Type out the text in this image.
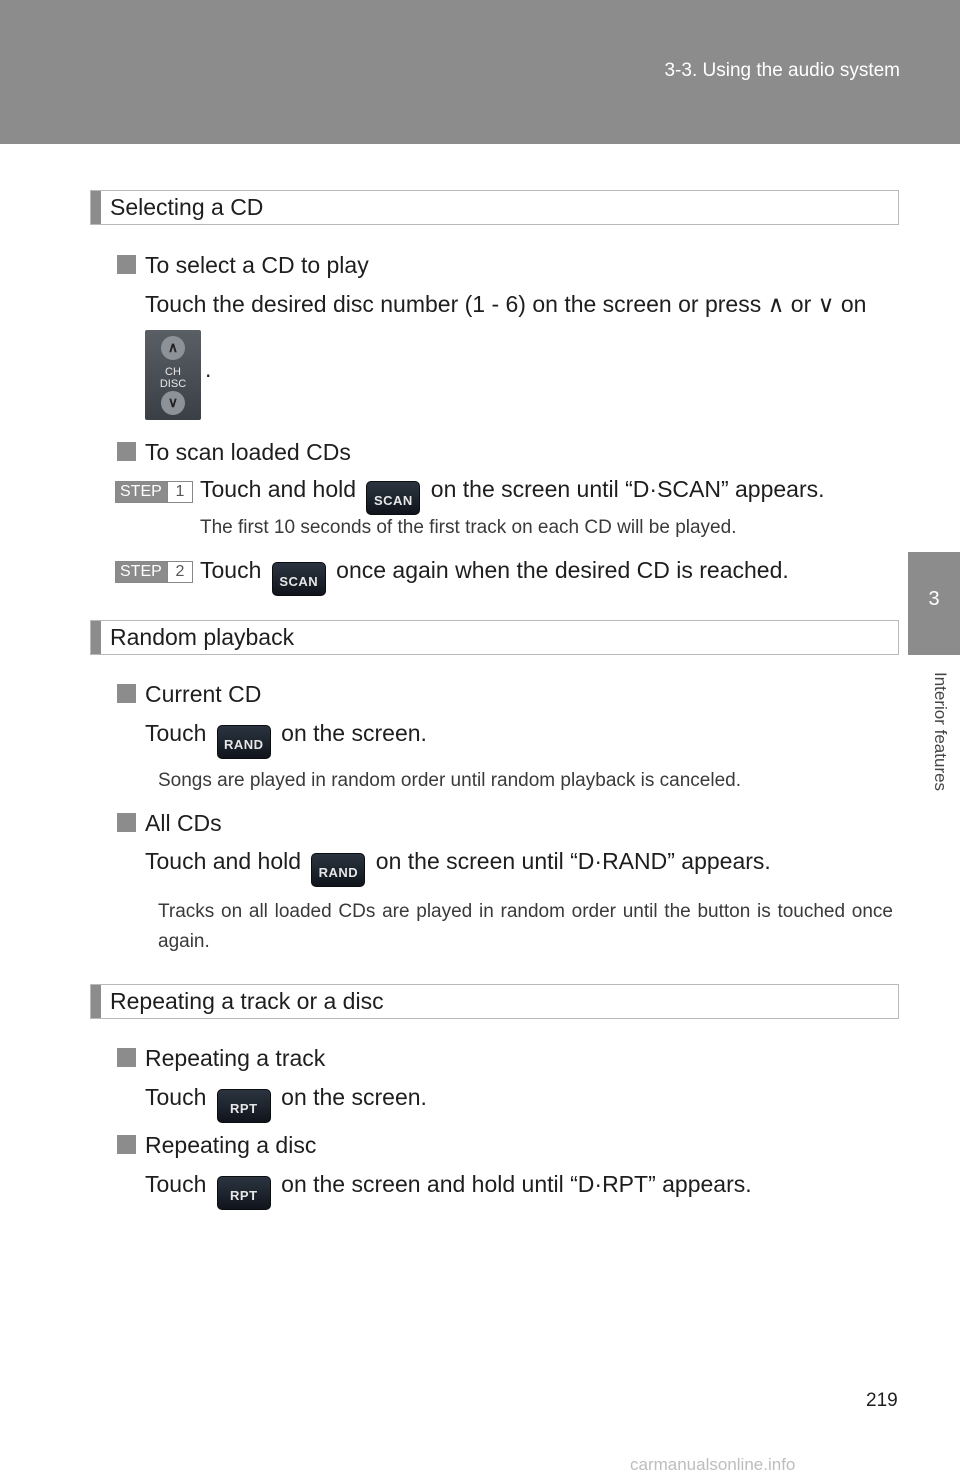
3-3. Using the audio system
3
Interior features
Selecting a CD
To select a CD to play
Touch the desired disc number (1 - 6) on the screen or press ∧ or ∨ on
∧
CH
DISC
∨
.
To scan loaded CDs
STEP 1 Touch and hold SCAN on the screen until “D·SCAN” appears.
The first 10 seconds of the first track on each CD will be played.
STEP 2 Touch SCAN once again when the desired CD is reached.
Random playback
Current CD
Touch RAND on the screen.
Songs are played in random order until random playback is canceled.
All CDs
Touch and hold RAND on the screen until “D·RAND” appears.
Tracks on all loaded CDs are played in random order until the button is touched once again.
Repeating a track or a disc
Repeating a track
Touch RPT on the screen.
Repeating a disc
Touch RPT on the screen and hold until “D·RPT” appears.
219
carmanualsonline.info
